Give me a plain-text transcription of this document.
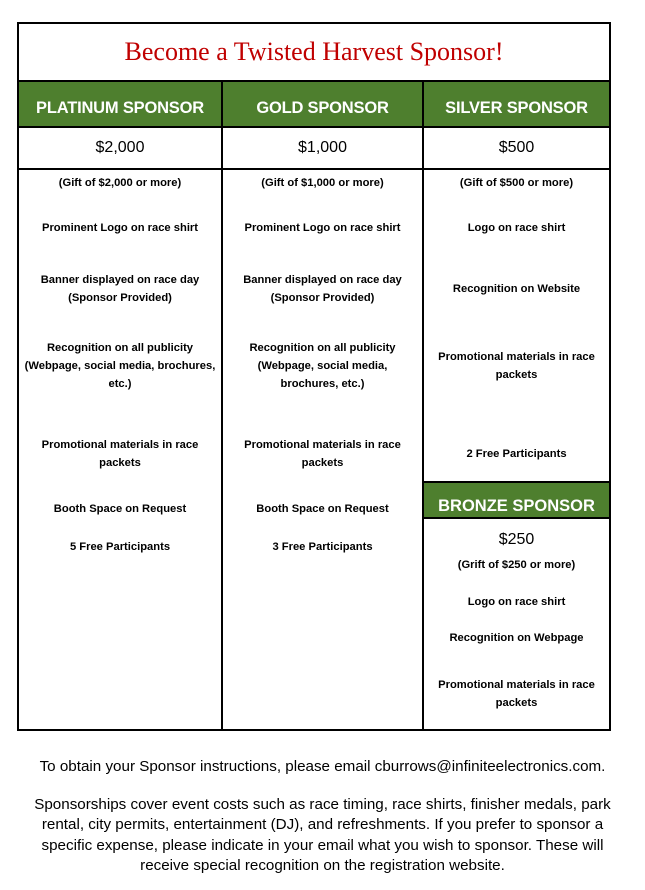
Become a Twisted Harvest Sponsor!
PLATINUM SPONSOR
$2,000
(Gift of $2,000 or more)
Prominent Logo on race shirt
Banner displayed on race day (Sponsor Provided)
Recognition on all publicity (Webpage, social media, brochures, etc.)
Promotional materials in race packets
Booth Space on Request
5 Free Participants
GOLD SPONSOR
$1,000
(Gift of $1,000 or more)
Prominent Logo on race shirt
Banner displayed on race day (Sponsor Provided)
Recognition on all publicity (Webpage, social media, brochures, etc.)
Promotional materials in race packets
Booth Space on Request
3 Free Participants
SILVER SPONSOR
$500
(Gift of $500 or more)
Logo on race shirt
Recognition on Website
Promotional materials in race packets
2 Free Participants
BRONZE SPONSOR
$250
(Grift of $250 or more)
Logo on race shirt
Recognition on Webpage
Promotional materials in race packets
To obtain your Sponsor instructions, please email cburrows@infiniteelectronics.com.
Sponsorships cover event costs such as race timing, race shirts, finisher medals, park
rental, city permits, entertainment (DJ), and refreshments. If you prefer to sponsor a
specific expense, please indicate in your email what you wish to sponsor. These will
receive special recognition on the registration website.
